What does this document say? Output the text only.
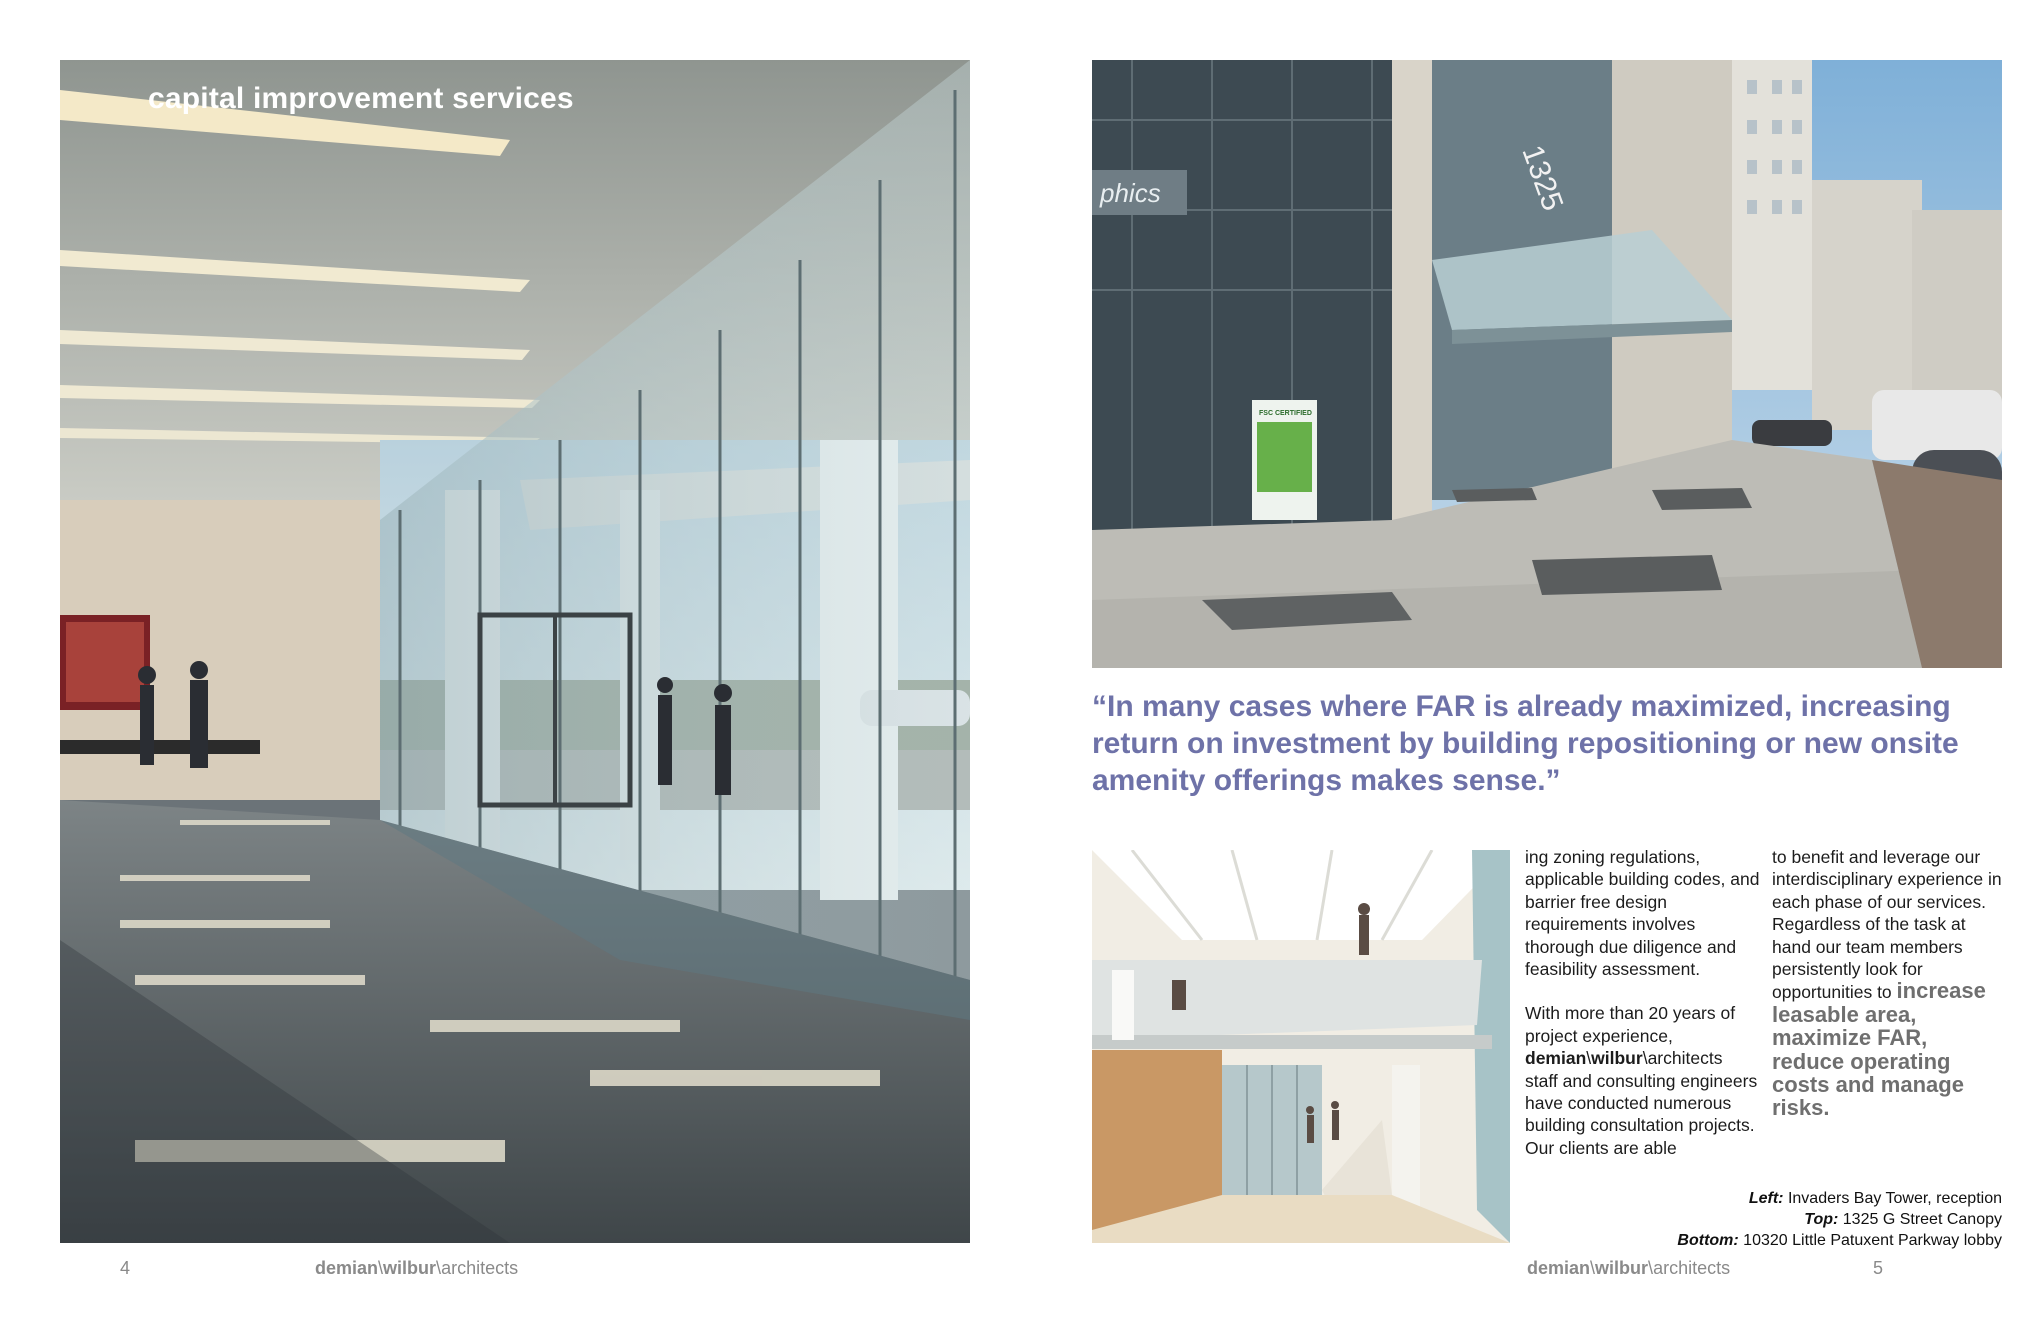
capital improvement services
phics
FSC CERTIFIED
1325
“In many cases where FAR is already maximized, increasing return on investment by building repositioning or new onsite amenity offerings makes sense.”

ing zoning regulations, applicable building codes, and barrier free design requirements involves thorough due diligence and feasibility assessment.

With more than 20 years of project experience, demian\wilbur\architects staff and consulting engineers have conducted numerous building consultation projects. Our clients are able

to benefit and leverage our interdisciplinary experience in each phase of our services. Regardless of the task at hand our team members persistently look for opportunities to increase leasable area, maximize FAR, reduce operating costs and manage risks.
Left: Invaders Bay Tower, reception
Top: 1325 G Street Canopy
Bottom: 10320 Little Patuxent Parkway lobby
4	demian\wilbur\architects	demian\wilbur\architects	5
